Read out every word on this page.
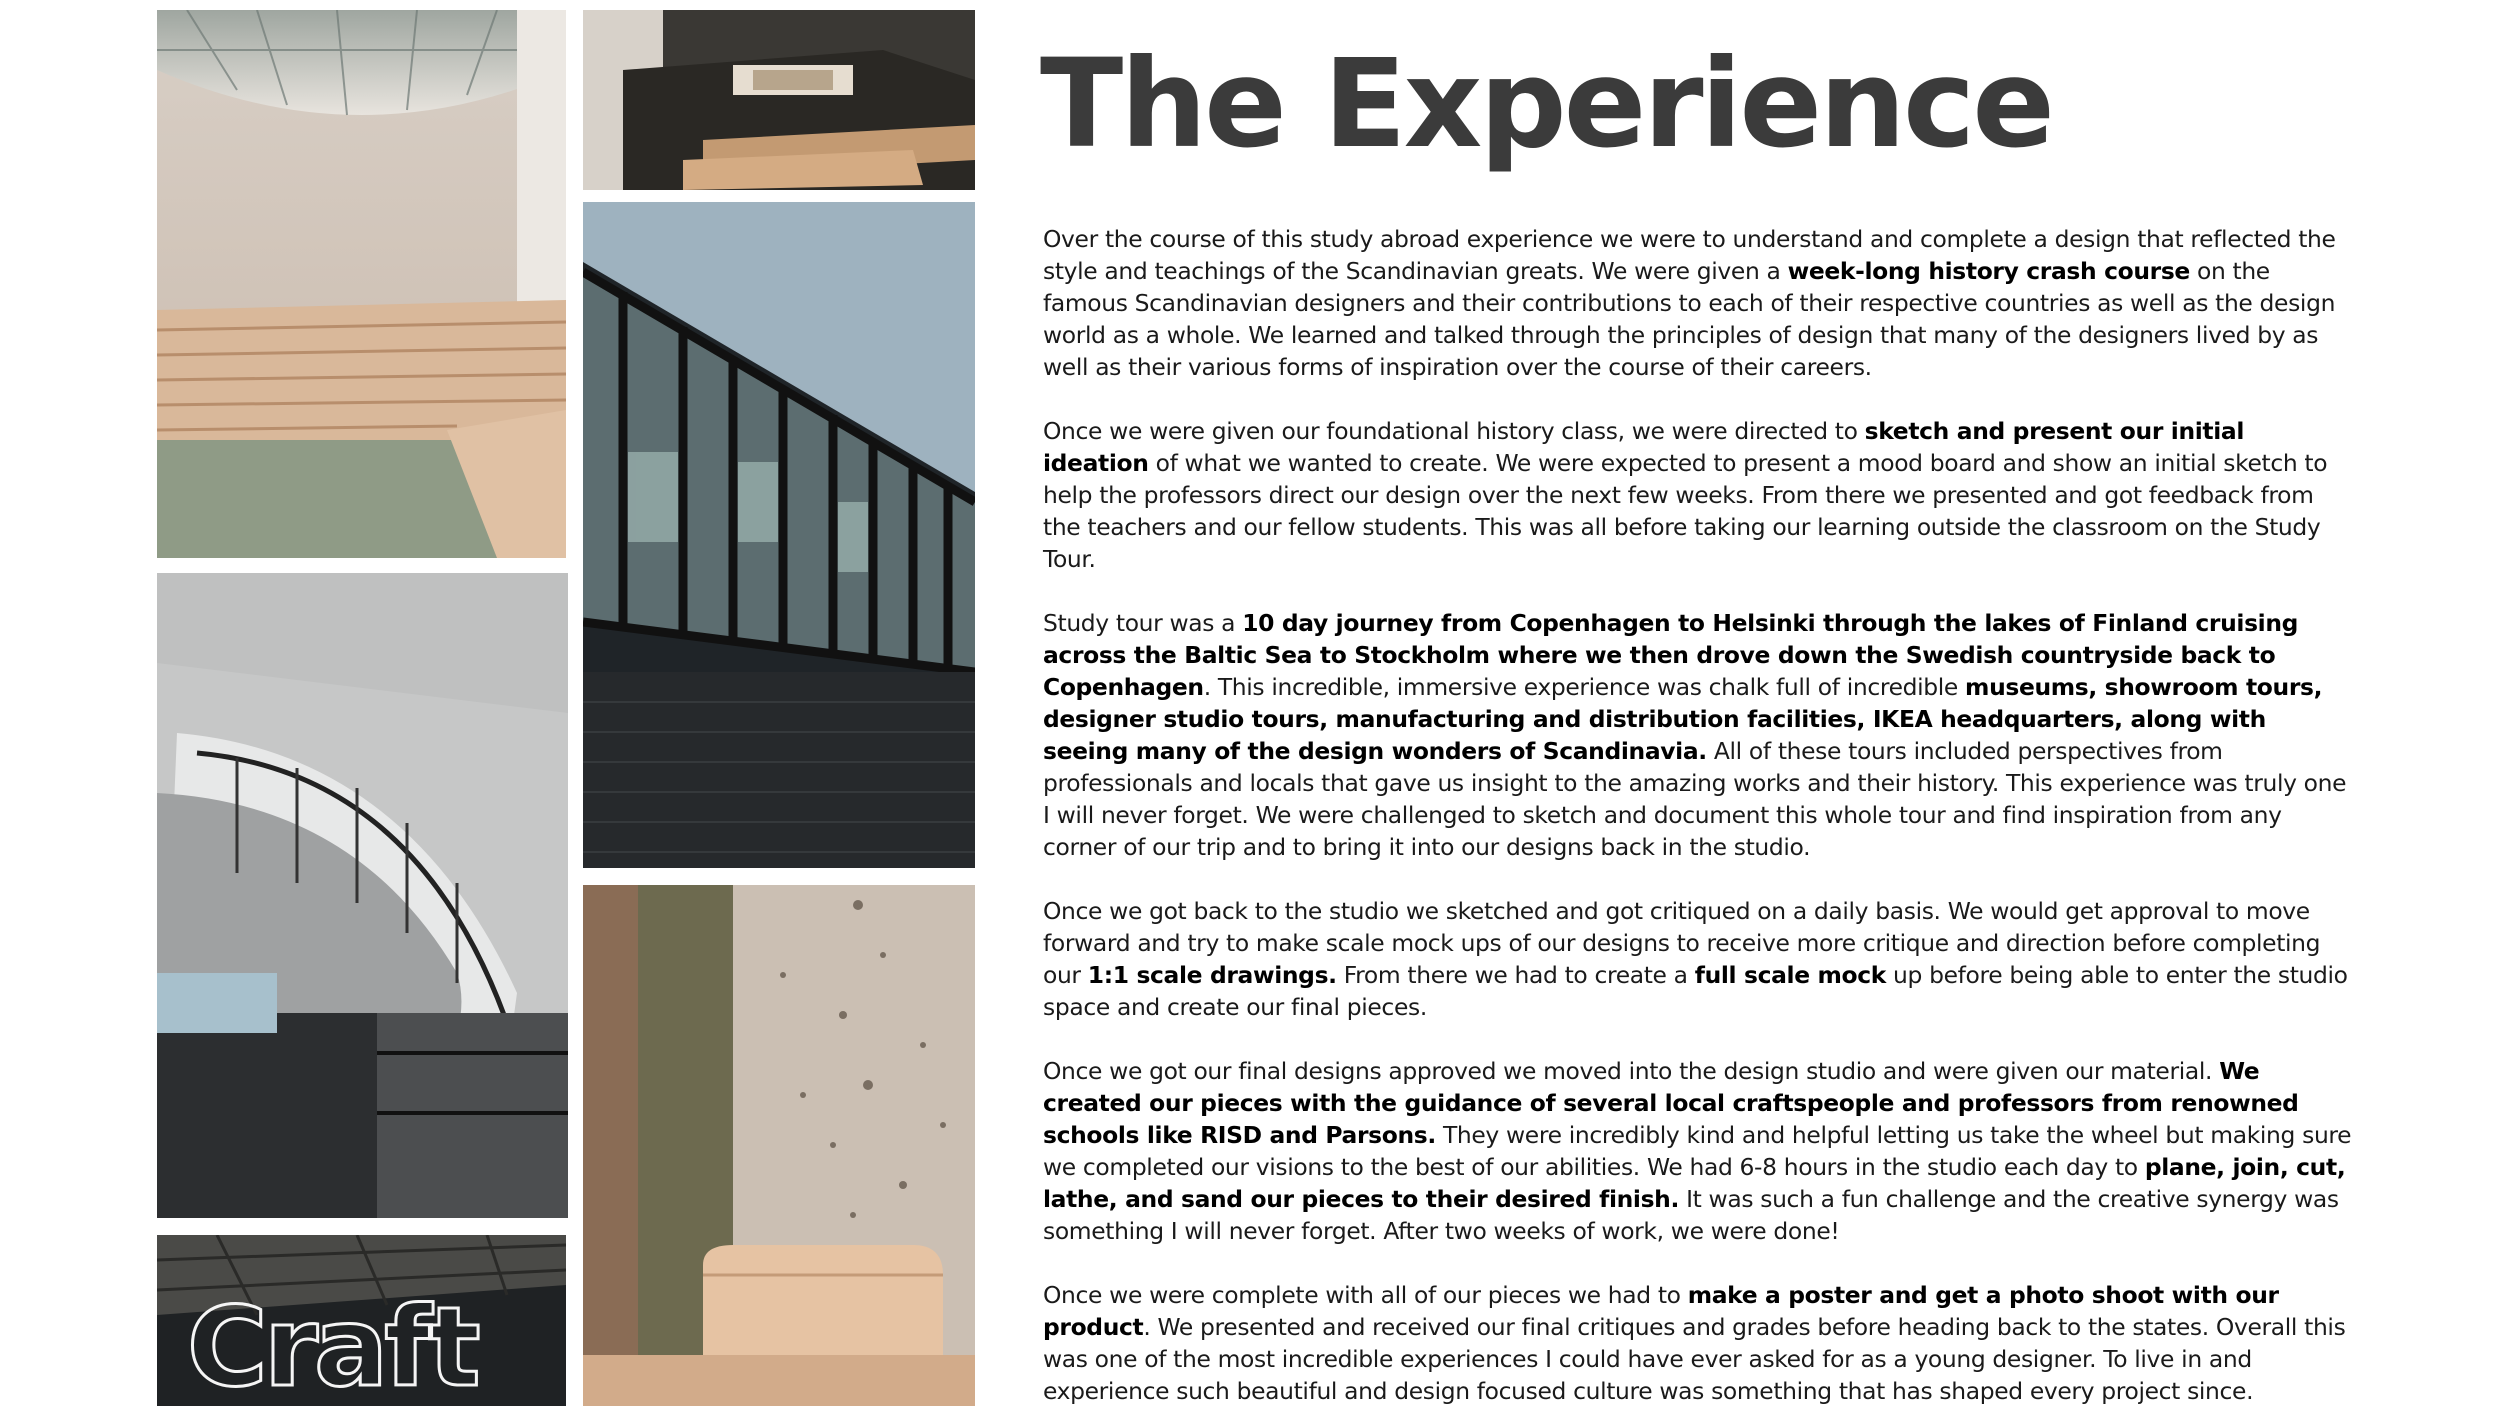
Craft
The Experience

Over the course of this study abroad experience we were to understand and complete a design that reflected the style and teachings of the Scandinavian greats. We were given a week-long history crash course on the famous Scandinavian designers and their contributions to each of their respective countries as well as the design world as a whole. We learned and talked through the principles of design that many of the designers lived by as well as their various forms of inspiration over the course of their careers.

Once we were given our foundational history class, we were directed to sketch and present our initial ideation of what we wanted to create. We were expected to present a mood board and show an initial sketch to help the professors direct our design over the next few weeks. From there we presented and got feedback from the teachers and our fellow students. This was all before taking our learning outside the classroom on the Study Tour.

Study tour was a 10 day journey from Copenhagen to Helsinki through the lakes of Finland cruising across the Baltic Sea to Stockholm where we then drove down the Swedish countryside back to Copenhagen. This incredible, immersive experience was chalk full of incredible museums, showroom tours, designer studio tours, manufacturing and distribution facilities, IKEA headquarters, along with seeing many of the design wonders of Scandinavia. All of these tours included perspectives from professionals and locals that gave us insight to the amazing works and their history. This experience was truly one I will never forget. We were challenged to sketch and document this whole tour and find inspiration from any corner of our trip and to bring it into our designs back in the studio.

Once we got back to the studio we sketched and got critiqued on a daily basis. We would get approval to move forward and try to make scale mock ups of our designs to receive more critique and direction before completing our 1:1 scale drawings. From there we had to create a full scale mock up before being able to enter the studio space and create our final pieces.

Once we got our final designs approved we moved into the design studio and were given our material. We created our pieces with the guidance of several local craftspeople and professors from renowned schools like RISD and Parsons. They were incredibly kind and helpful letting us take the wheel but making sure we completed our visions to the best of our abilities. We had 6-8 hours in the studio each day to plane, join, cut, lathe, and sand our pieces to their desired finish. It was such a fun challenge and the creative synergy was something I will never forget. After two weeks of work, we were done!

Once we were complete with all of our pieces we had to make a poster and get a photo shoot with our product. We presented and received our final critiques and grades before heading back to the states. Overall this was one of the most incredible experiences I could have ever asked for as a young designer. To live in and experience such beautiful and design focused culture was something that has shaped every project since.
